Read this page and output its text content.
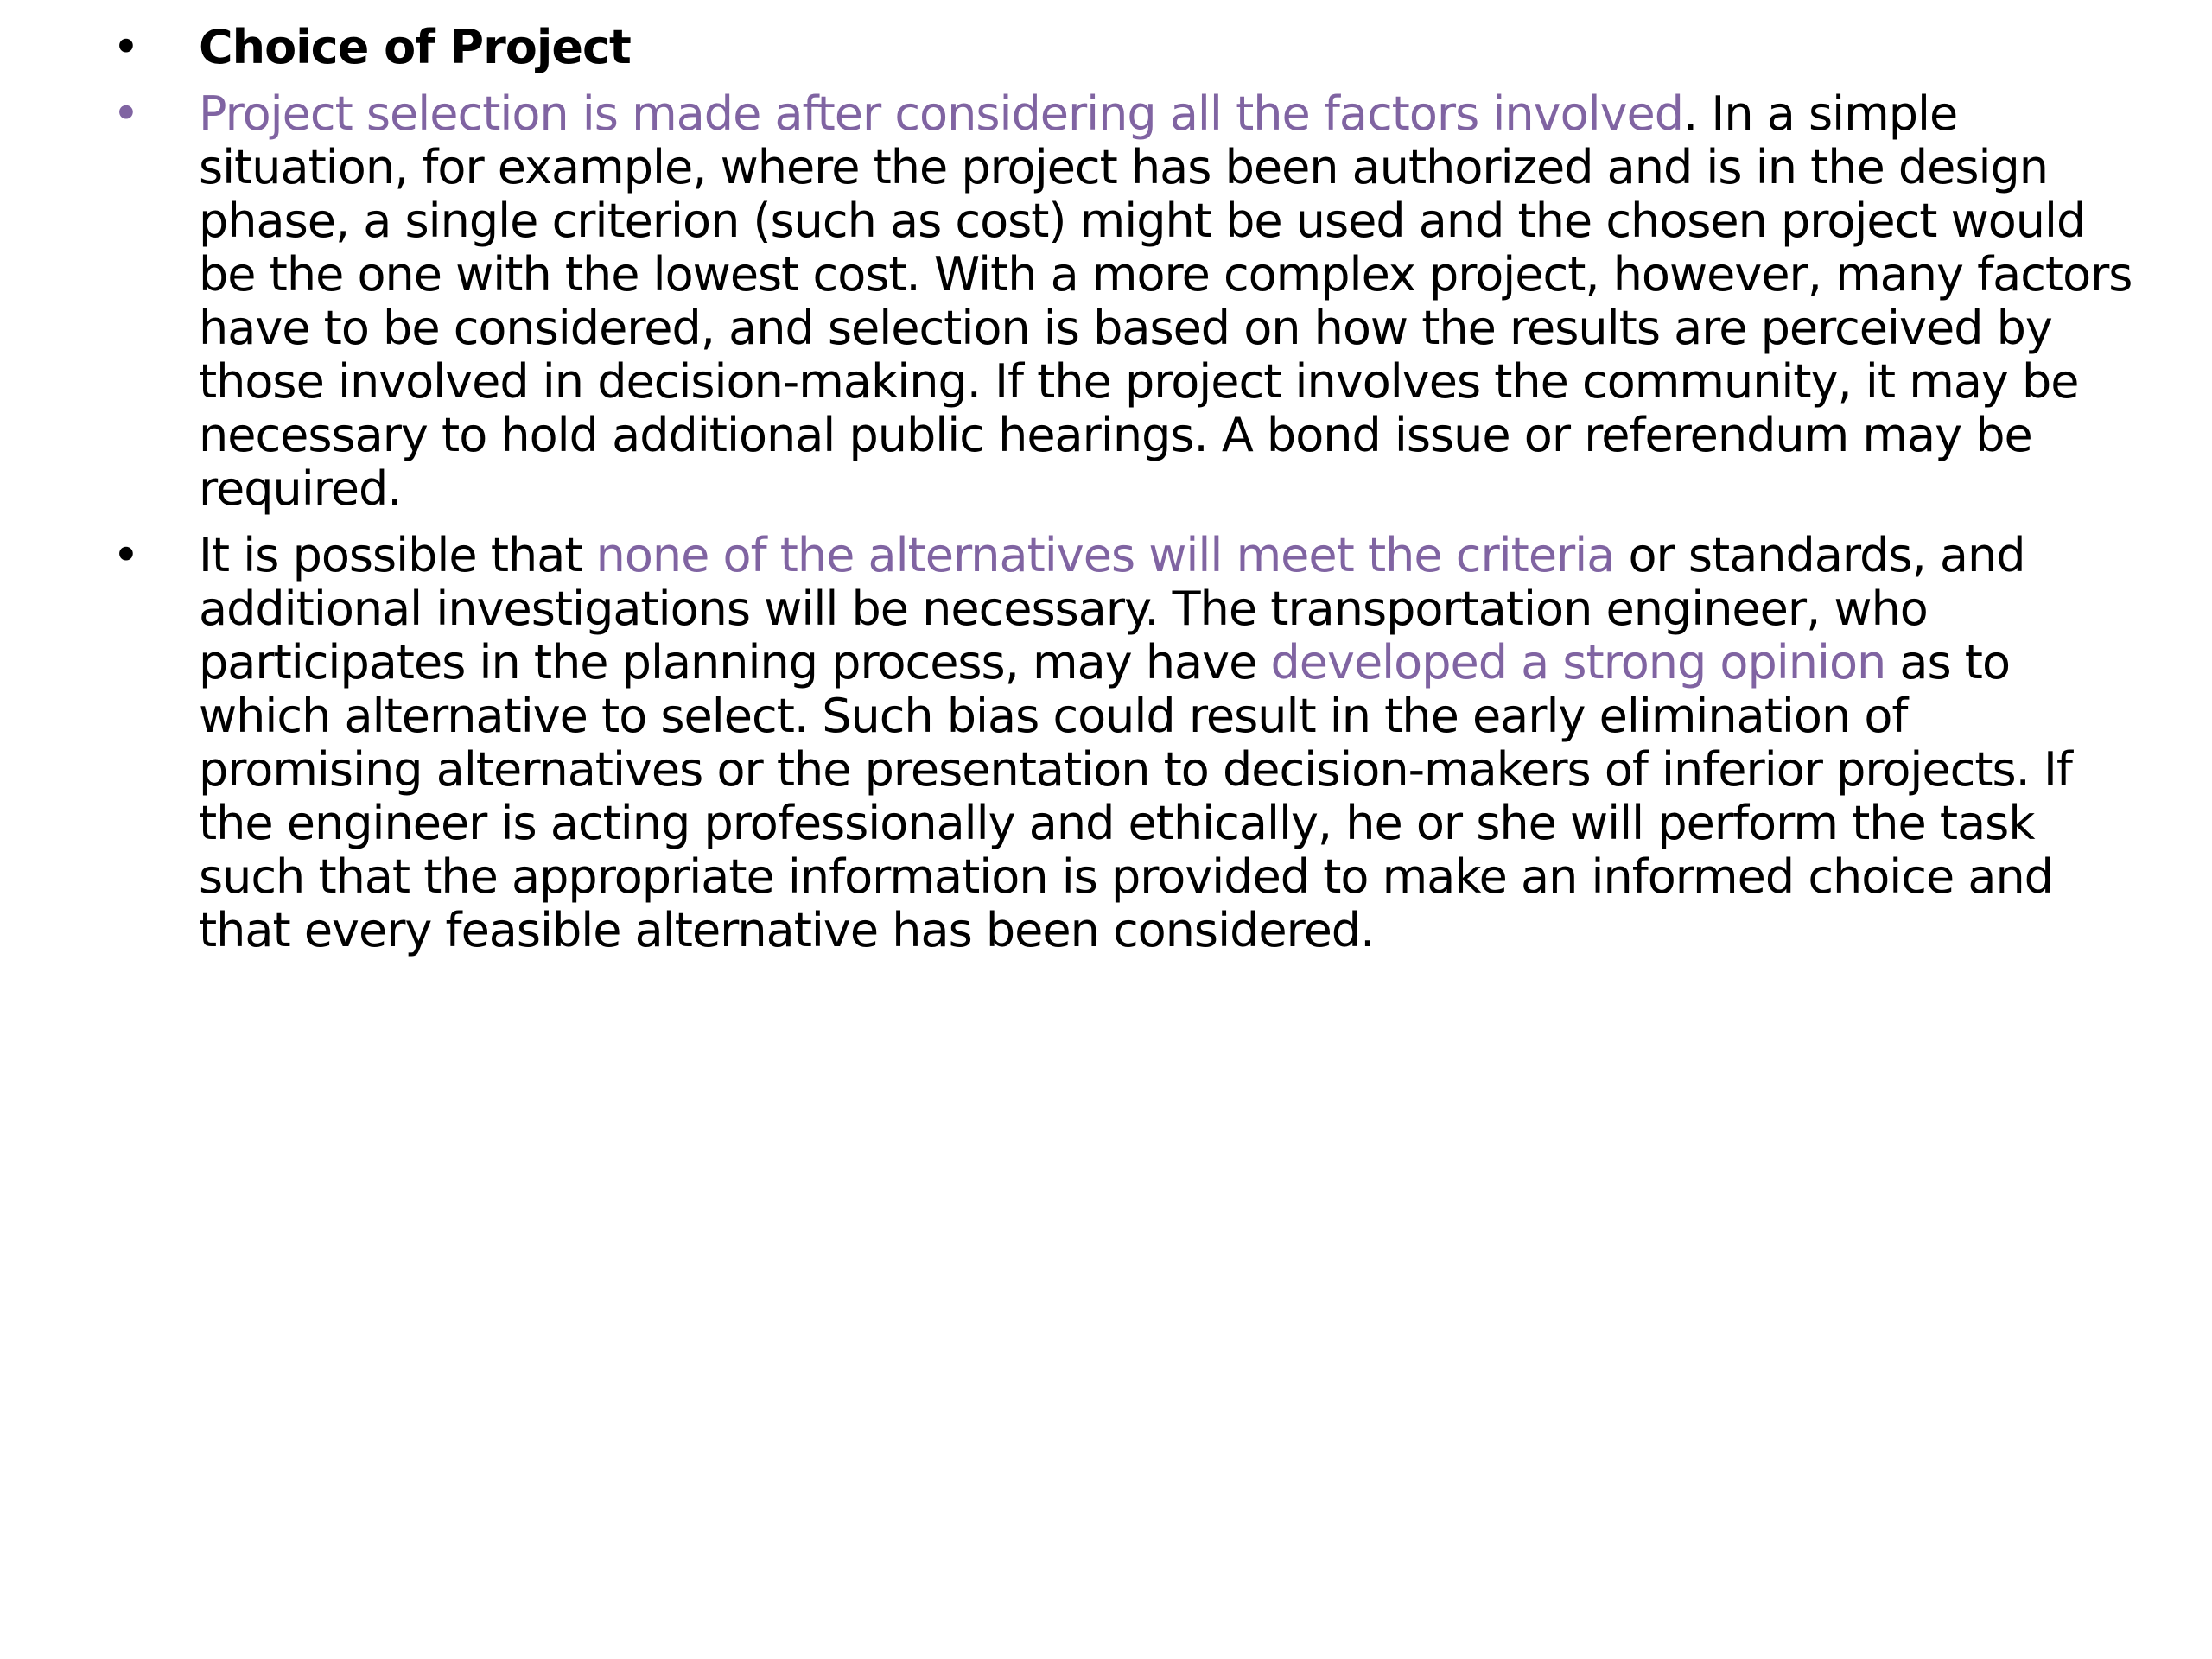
•	Choice of Project
•	Project selection is made after considering all the factors involved. In a simple situation, for example, where the project has been authorized and is in the design phase, a single criterion (such as cost) might be used and the chosen project would be the one with the lowest cost. With a more complex project, however, many factors have to be considered, and selection is based on how the results are perceived by those involved in decision-making. If the project involves the community, it may be necessary to hold additional public hearings. A bond issue or referendum may be required.
•	It is possible that none of the alternatives will meet the criteria or standards, and additional investigations will be necessary. The transportation engineer, who participates in the planning process, may have developed a strong opinion as to which alternative to select. Such bias could result in the early elimination of promising alternatives or the presentation to decision-makers of inferior projects. If the engineer is acting professionally and ethically, he or she will perform the task such that the appropriate information is provided to make an informed choice and that every feasible alternative has been considered.
